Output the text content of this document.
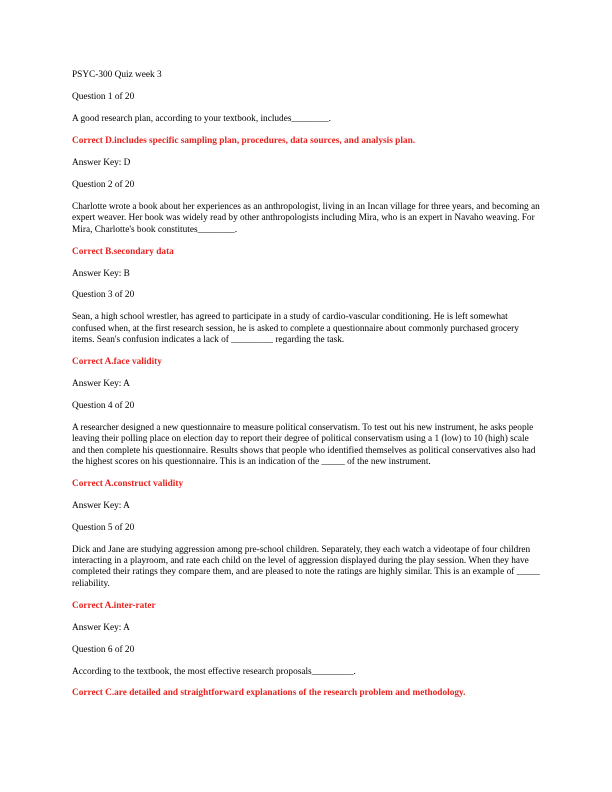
PSYC-300 Quiz week 3
Question 1 of 20
A good research plan, according to your textbook, includes________.
Correct D.includes specific sampling plan, procedures, data sources, and analysis plan.
Answer Key: D
Question 2 of 20
Charlotte wrote a book about her experiences as an anthropologist, living in an Incan village for three years, and becoming an expert weaver. Her book was widely read by other anthropologists including Mira, who is an expert in Navaho weaving. For Mira, Charlotte's book constitutes________.
Correct B.secondary data
Answer Key: B
Question 3 of 20
Sean, a high school wrestler, has agreed to participate in a study of cardio-vascular conditioning. He is left somewhat confused when, at the first research session, he is asked to complete a questionnaire about commonly purchased grocery items. Sean's confusion indicates a lack of _________ regarding the task.
Correct A.face validity
Answer Key: A
Question 4 of 20
A researcher designed a new questionnaire to measure political conservatism. To test out his new instrument, he asks people leaving their polling place on election day to report their degree of political conservatism using a 1 (low) to 10 (high) scale and then complete his questionnaire. Results shows that people who identified themselves as political conservatives also had the highest scores on his questionnaire. This is an indication of the _____ of the new instrument.
Correct A.construct validity
Answer Key: A
Question 5 of 20
Dick and Jane are studying aggression among pre-school children. Separately, they each watch a videotape of four children interacting in a playroom, and rate each child on the level of aggression displayed during the play session. When they have completed their ratings they compare them, and are pleased to note the ratings are highly similar. This is an example of _____ reliability.
Correct A.inter-rater
Answer Key: A
Question 6 of 20
According to the textbook, the most effective research proposals_________.
Correct C.are detailed and straightforward explanations of the research problem and methodology.
